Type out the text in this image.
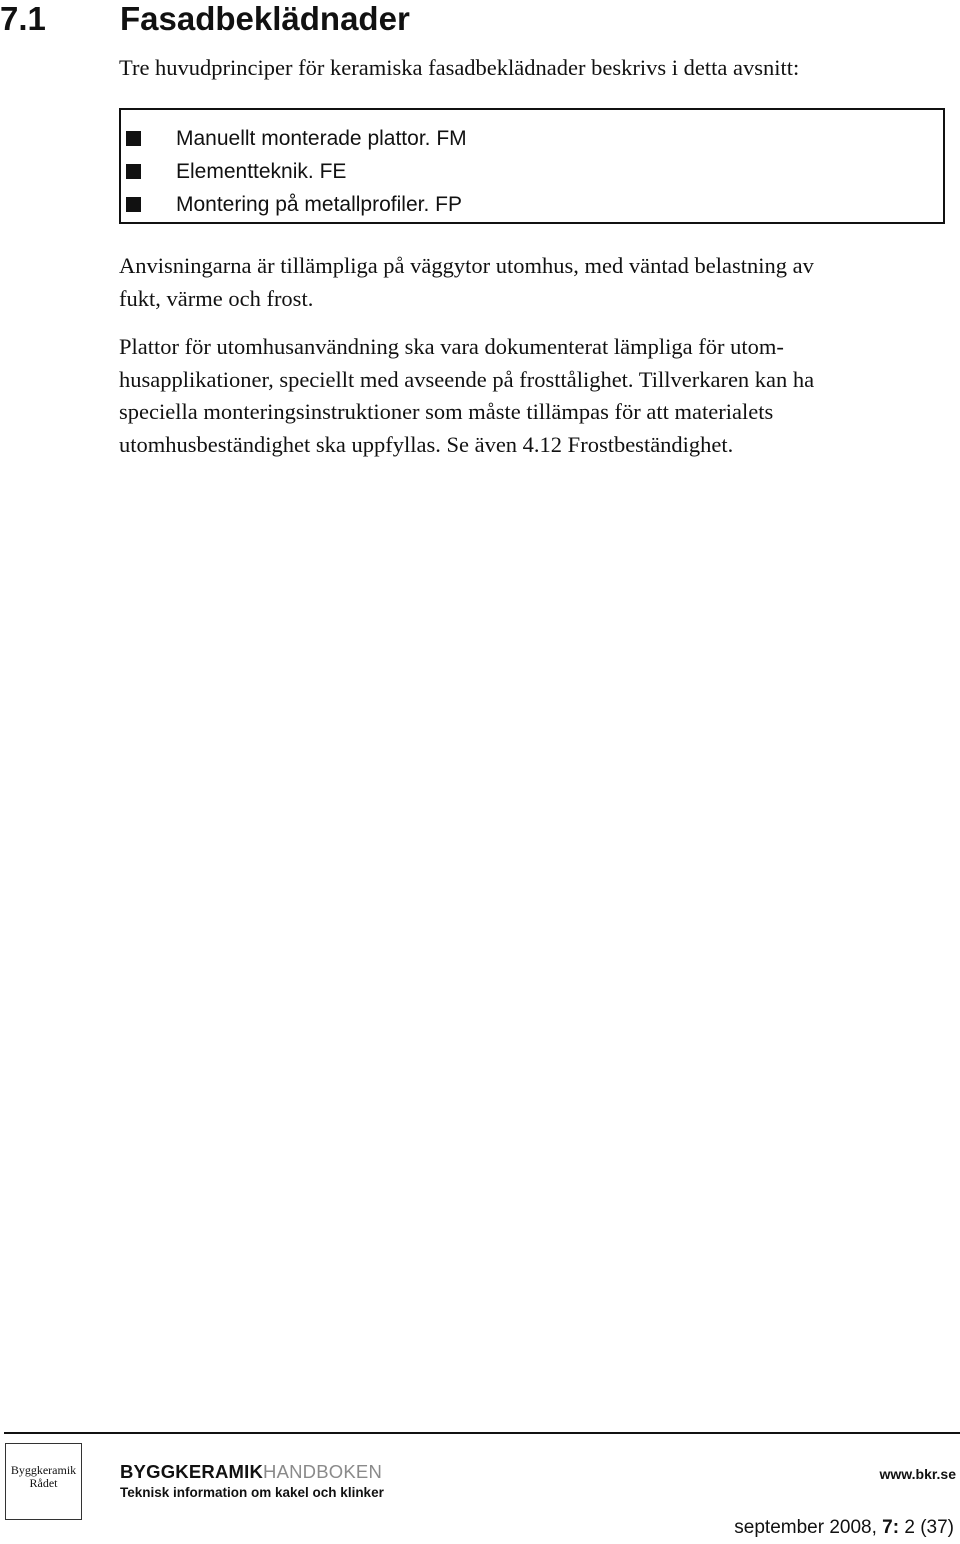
7.1 Fasadbeklädnader
Tre huvudprinciper för keramiska fasadbeklädnader beskrivs i detta avsnitt:
Manuellt monterade plattor. FM
Elementteknik. FE
Montering på metallprofiler. FP
Anvisningarna är tillämpliga på väggytor utomhus, med väntad belastning av
fukt, värme och frost.
Plattor för utomhusanvändning ska vara dokumenterat lämpliga för utom-
husapplikationer, speciellt med avseende på frosttålighet. Tillverkaren kan ha
speciella monteringsinstruktioner som måste tillämpas för att materialets
utomhusbeständighet ska uppfyllas. Se även 4.12 Frostbeständighet.
Byggkeramik
Rådet
BYGGKERAMIKHANDBOKEN
Teknisk information om kakel och klinker
www.bkr.se
september 2008, 7: 2 (37)
